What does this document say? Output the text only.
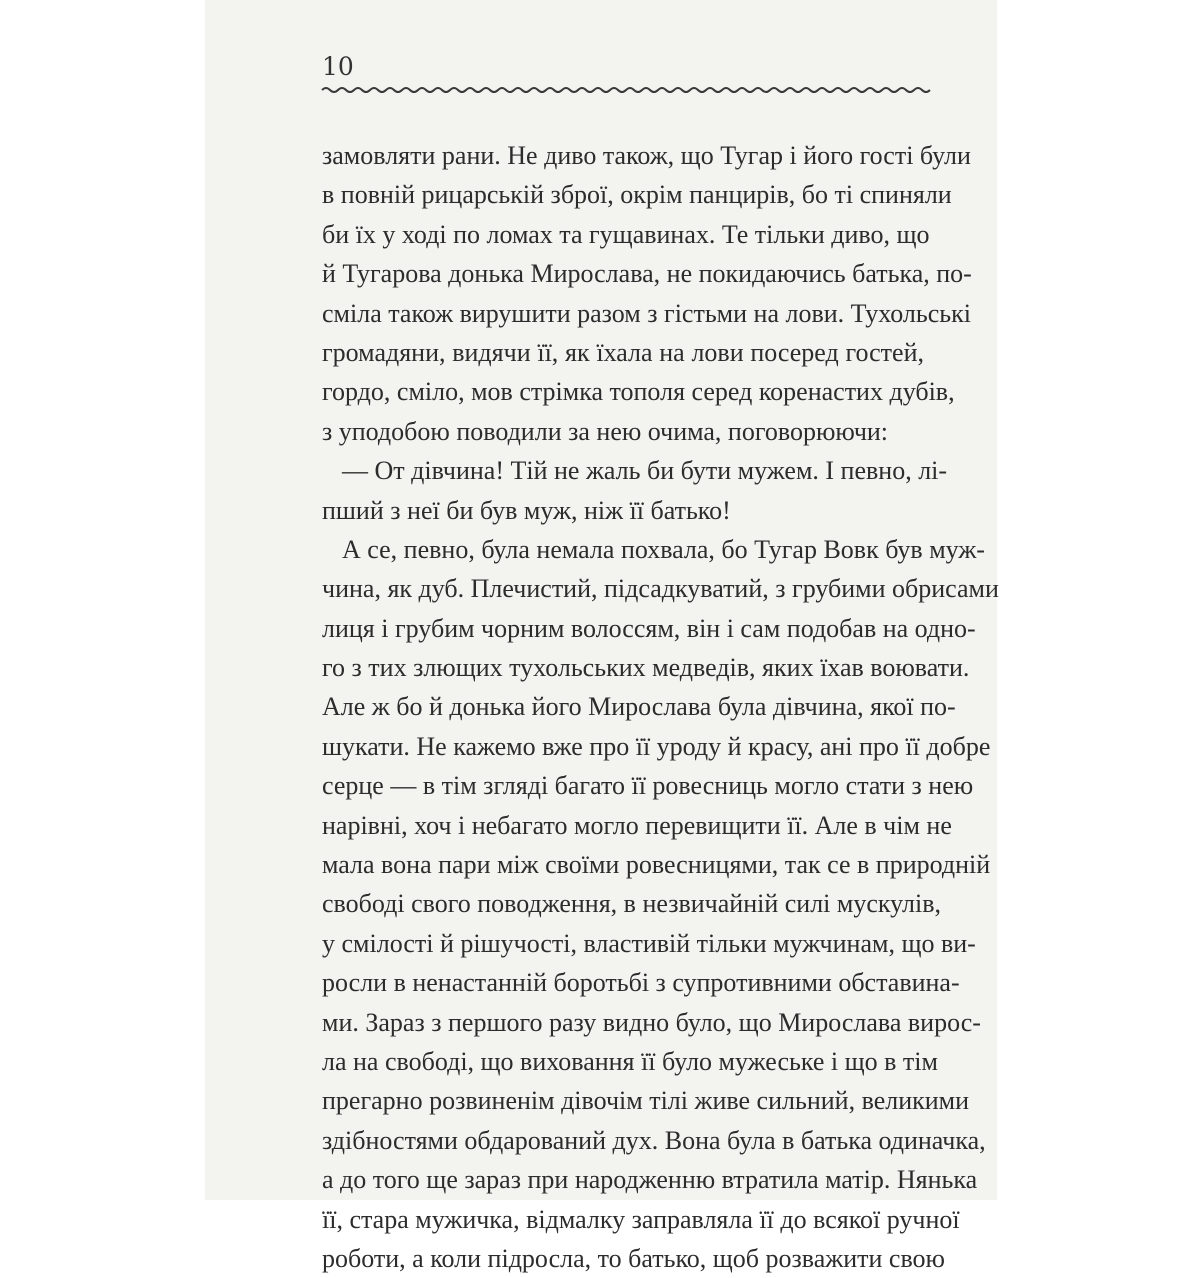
10

замовляти рани. Не диво також, що Тугар і його гості були
в повній рицарській зброї, окрім панцирів, бо ті спиняли
би їх у ході по ломах та гущавинах. Те тільки диво, що
й Тугарова донька Мирослава, не покидаючись батька, по-
сміла також вирушити разом з гістьми на лови. Тухольські
громадяни, видячи її, як їхала на лови посеред гостей,
гордо, сміло, мов стрімка тополя серед коренастих дубів,
з уподобою поводили за нею очима, поговорюючи:
— От дівчина! Тій не жаль би бути мужем. І певно, лі-
пший з неї би був муж, ніж її батько!
А се, певно, була немала похвала, бо Тугар Вовк був муж-
чина, як дуб. Плечистий, підсадкуватий, з грубими обрисами
лиця і грубим чорним волоссям, він і сам подобав на одно-
го з тих злющих тухольських медведів, яких їхав воювати.
Але ж бо й донька його Мирослава була дівчина, якої по-
шукати. Не кажемо вже про її уроду й красу, ані про її добре
серце — в тім зглядi багато її ровесниць могло стати з нею
нарівні, хоч і небагато могло перевищити її. Але в чім не
мала вона пари між своїми ровесницями, так се в природній
свободі свого поводження, в незвичайній силі мускулів,
у смілості й рішучості, властивій тільки мужчинам, що ви-
росли в ненастанній боротьбі з супротивними обставина-
ми. Зараз з першого разу видно було, що Мирослава вирос-
ла на свободі, що виховання її було мужеське і що в тім
прегарно розвиненім дівочім тілі живе сильний, великими
здібностями обдарований дух. Вона була в батька одиначка,
а до того ще зараз при народженню втратила матір. Нянька
її, стара мужичка, відмалку заправляла її до всякої ручної
роботи, а коли підросла, то батько, щоб розважити свою
